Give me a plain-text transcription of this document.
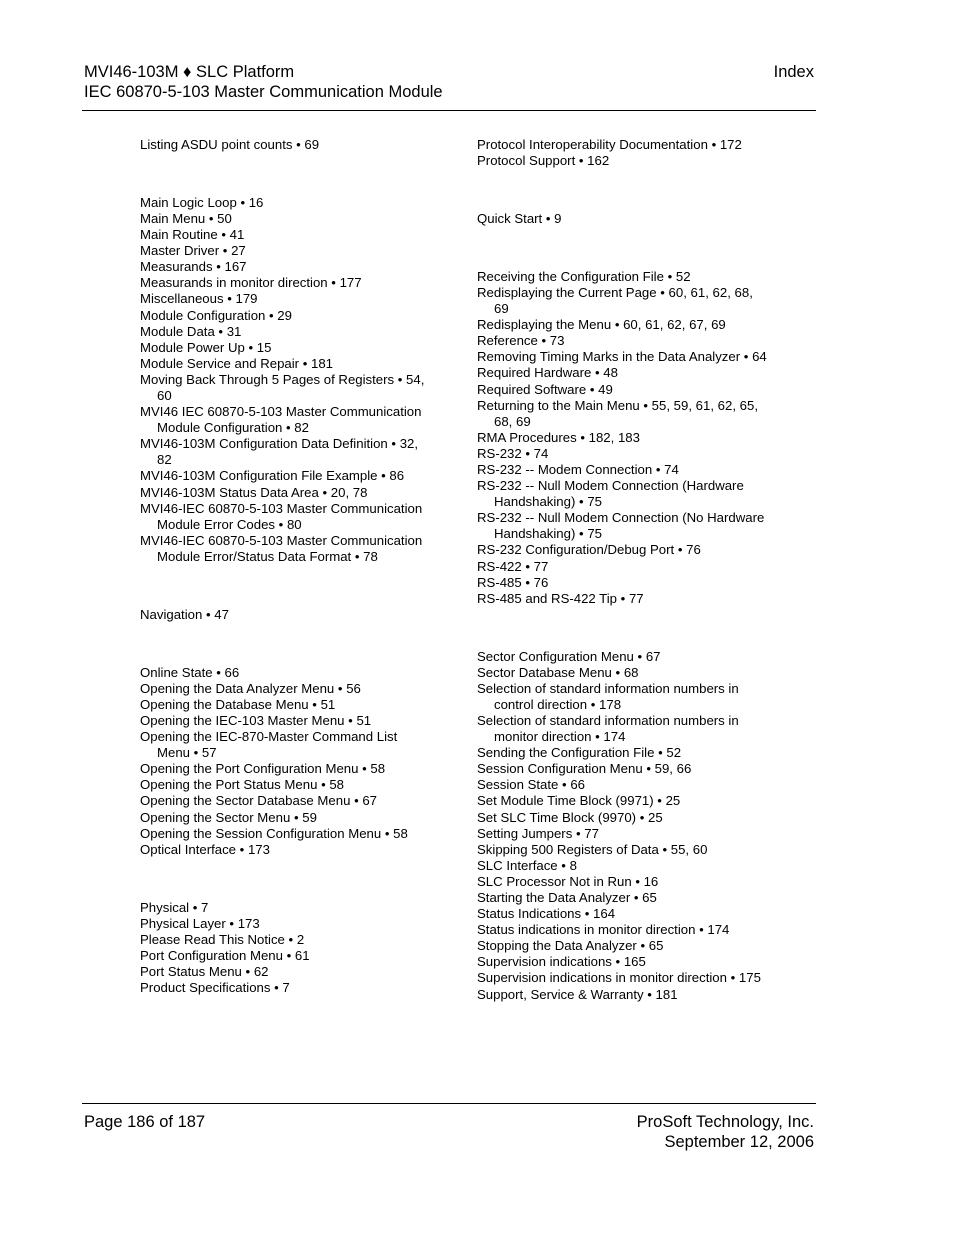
MVI46-103M ♦ SLC Platform
IEC 60870-5-103 Master Communication Module
Index
Listing ASDU point counts • 69
Main Logic Loop • 16
Main Menu • 50
Main Routine • 41
Master Driver • 27
Measurands • 167
Measurands in monitor direction • 177
Miscellaneous • 179
Module Configuration • 29
Module Data • 31
Module Power Up • 15
Module Service and Repair • 181
Moving Back Through 5 Pages of Registers • 54, 60
MVI46 IEC 60870-5-103 Master Communication Module Configuration • 82
MVI46-103M Configuration Data Definition • 32, 82
MVI46-103M Configuration File Example • 86
MVI46-103M Status Data Area • 20, 78
MVI46-IEC 60870-5-103 Master Communication Module Error Codes • 80
MVI46-IEC 60870-5-103 Master Communication Module Error/Status Data Format • 78
Navigation • 47
Online State • 66
Opening the Data Analyzer Menu • 56
Opening the Database Menu • 51
Opening the IEC-103 Master Menu • 51
Opening the IEC-870-Master Command List Menu • 57
Opening the Port Configuration Menu • 58
Opening the Port Status Menu • 58
Opening the Sector Database Menu • 67
Opening the Sector Menu • 59
Opening the Session Configuration Menu • 58
Optical Interface • 173
Physical • 7
Physical Layer • 173
Please Read This Notice • 2
Port Configuration Menu • 61
Port Status Menu • 62
Product Specifications • 7
Protocol Interoperability Documentation • 172
Protocol Support • 162
Quick Start • 9
Receiving the Configuration File • 52
Redisplaying the Current Page • 60, 61, 62, 68, 69
Redisplaying the Menu • 60, 61, 62, 67, 69
Reference • 73
Removing Timing Marks in the Data Analyzer • 64
Required Hardware • 48
Required Software • 49
Returning to the Main Menu • 55, 59, 61, 62, 65, 68, 69
RMA Procedures • 182, 183
RS-232 • 74
RS-232 -- Modem Connection • 74
RS-232 -- Null Modem Connection (Hardware Handshaking) • 75
RS-232 -- Null Modem Connection (No Hardware Handshaking) • 75
RS-232 Configuration/Debug Port • 76
RS-422 • 77
RS-485 • 76
RS-485 and RS-422 Tip • 77
Sector Configuration Menu • 67
Sector Database Menu • 68
Selection of standard information numbers in control direction • 178
Selection of standard information numbers in monitor direction • 174
Sending the Configuration File • 52
Session Configuration Menu • 59, 66
Session State • 66
Set Module Time Block (9971) • 25
Set SLC Time Block (9970) • 25
Setting Jumpers • 77
Skipping 500 Registers of Data • 55, 60
SLC Interface • 8
SLC Processor Not in Run • 16
Starting the Data Analyzer • 65
Status Indications • 164
Status indications in monitor direction • 174
Stopping the Data Analyzer • 65
Supervision indications • 165
Supervision indications in monitor direction • 175
Support, Service & Warranty • 181
Page 186 of 187	ProSoft Technology, Inc.
September 12, 2006
